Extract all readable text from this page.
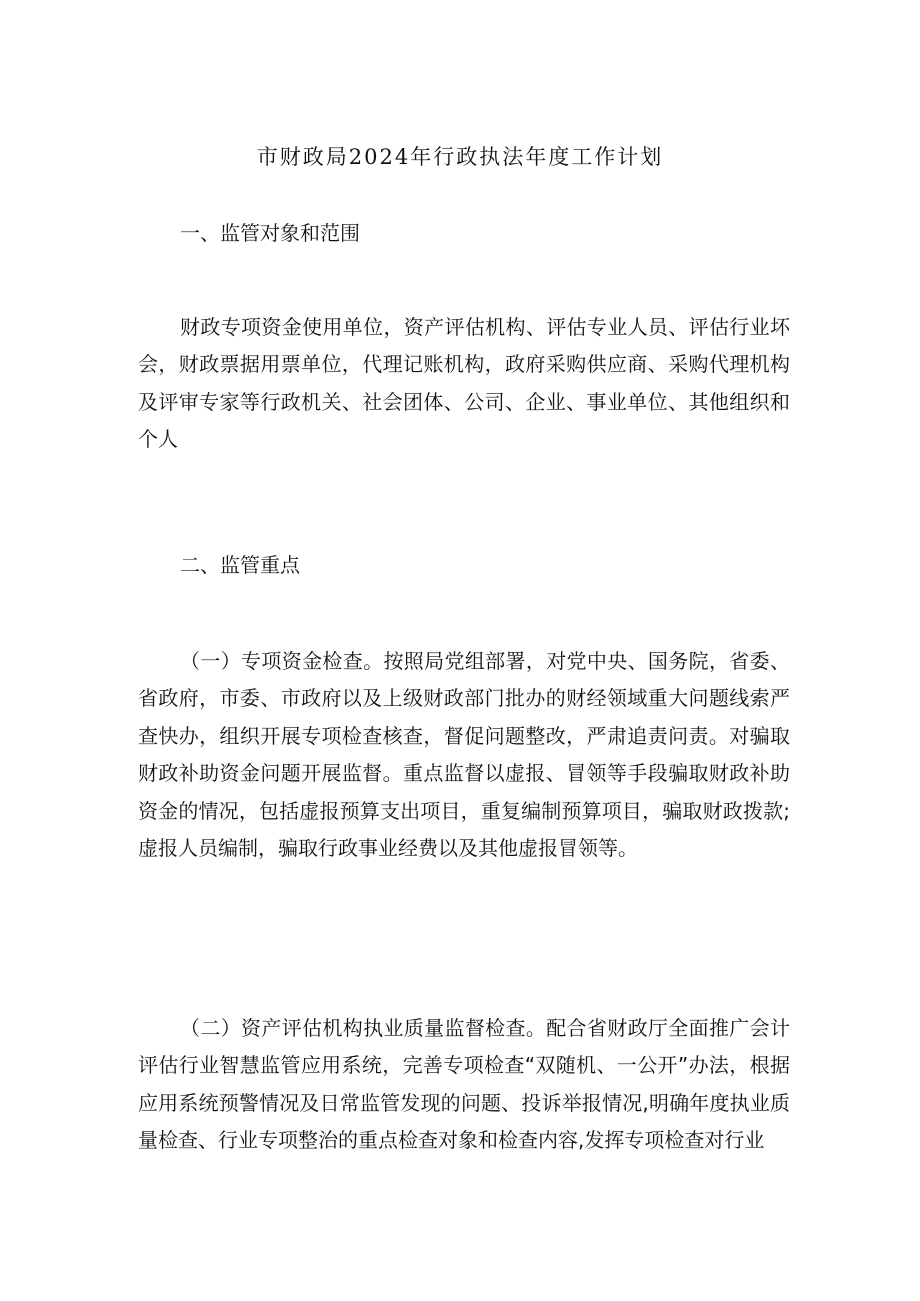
市财政局2024年行政执法年度工作计划
一、监管对象和范围
财政专项资金使用单位，资产评估机构、评估专业人员、评估行业坏会，财政票据用票单位，代理记账机构，政府采购供应商、采购代理机构及评审专家等行政机关、社会团体、公司、企业、事业单位、其他组织和个人
二、监管重点
（一）专项资金检查。按照局党组部署，对党中央、国务院，省委、省政府，市委、市政府以及上级财政部门批办的财经领域重大问题线索严查快办，组织开展专项检查核查，督促问题整改，严肃追责问责。对骗取财政补助资金问题开展监督。重点监督以虚报、冒领等手段骗取财政补助资金的情况，包括虚报预算支出项目，重复编制预算项目，骗取财政拨款;虚报人员编制，骗取行政事业经费以及其他虚报冒领等。
（二）资产评估机构执业质量监督检查。配合省财政厅全面推广会计评估行业智慧监管应用系统，完善专项检查“双随机、一公开”办法，根据应用系统预警情况及日常监管发现的问题、投诉举报情况,明确年度执业质量检查、行业专项整治的重点检查对象和检查内容,发挥专项检查对行业
